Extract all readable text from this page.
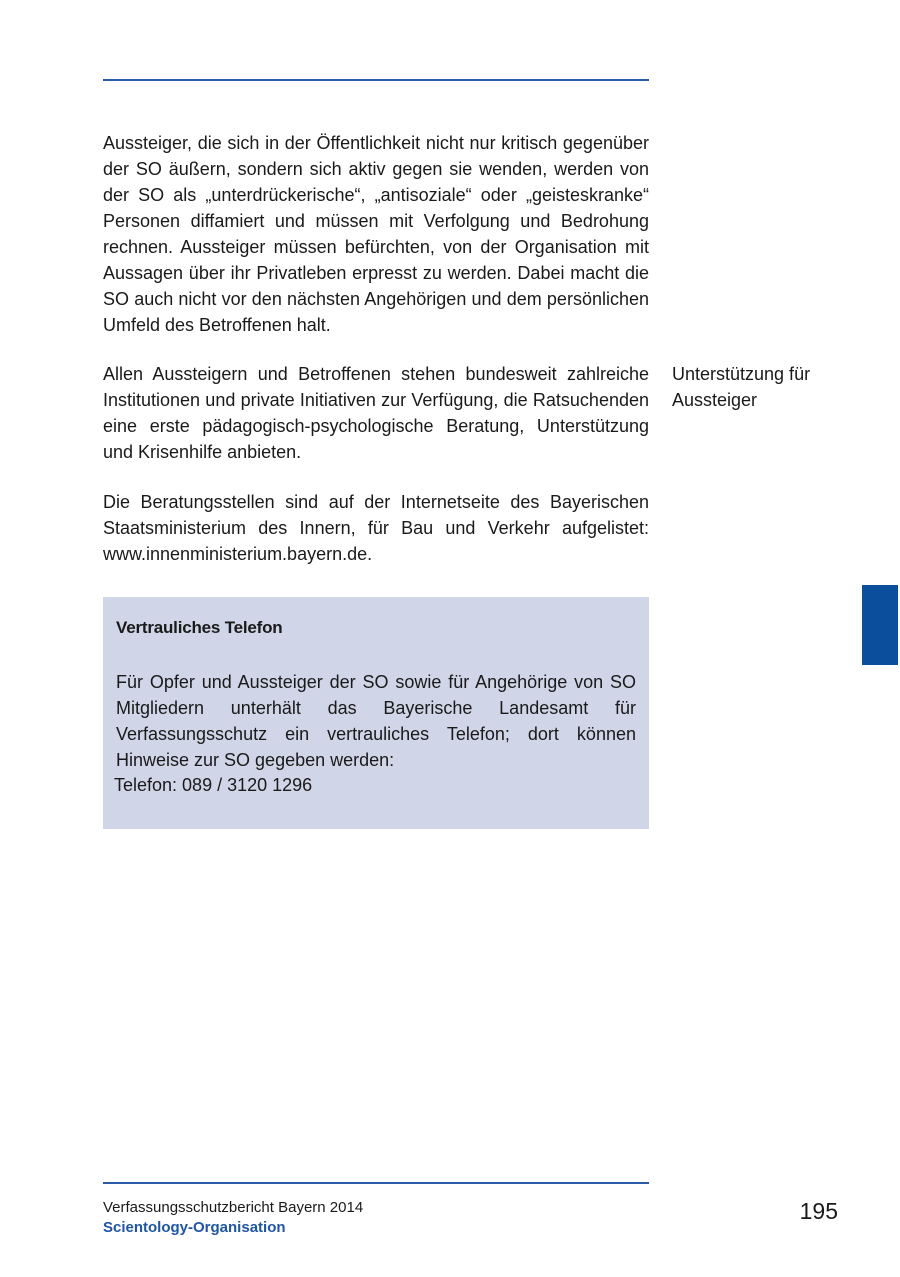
Aussteiger, die sich in der Öffentlichkeit nicht nur kritisch gegenüber der SO äußern, sondern sich aktiv gegen sie wenden, werden von der SO als „unterdrückerische“, „antisoziale“ oder „geisteskranke“ Personen diffamiert und müssen mit Verfolgung und Bedrohung rechnen. Aussteiger müssen befürchten, von der Organisation mit Aussagen über ihr Privatleben erpresst zu werden. Dabei macht die SO auch nicht vor den nächsten Angehörigen und dem persönlichen Umfeld des Betroffenen halt.

Allen Aussteigern und Betroffenen stehen bundesweit zahlreiche Institutionen und private Initiativen zur Verfügung, die Ratsuchenden eine erste pädagogisch-psychologische Beratung, Unterstützung und Krisenhilfe anbieten.

Die Beratungsstellen sind auf der Internetseite des Bayerischen Staatsministerium des Innern, für Bau und Verkehr aufgelistet: www.innenministerium.bayern.de.

Unterstützung für Aussteiger

Vertrauliches Telefon

Für Opfer und Aussteiger der SO sowie für Angehörige von SO Mitgliedern unterhält das Bayerische Landesamt für Verfassungsschutz ein vertrauliches Telefon; dort können Hinweise zur SO gegeben werden:

Telefon: 089 / 3120 1296

Verfassungsschutzbericht Bayern 2014

Scientology-Organisation

195
